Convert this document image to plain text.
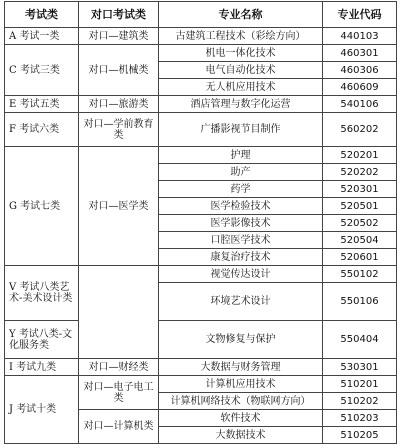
考试类	对口考试类	专业名称	专业代码
A 考试一类	对口—建筑类	古建筑工程技术（彩绘方向）	440103
C 考试三类	对口—机械类	机电一体化技术	460301
		电气自动化技术	460306
		无人机应用技术	460609
E 考试五类	对口—旅游类	酒店管理与数字化运营	540106
F 考试六类	对口—学前教育类	广播影视节目制作	560202
G 考试七类	对口—医学类	护理	520201
		助产	520202
		药学	520301
		医学检验技术	520501
		医学影像技术	520502
		口腔医学技术	520504
		康复治疗技术	520601
V 考试八类艺术-美术设计类		视觉传达设计	550102
		环境艺术设计	550106
Y 考试八类-文化服务类		文物修复与保护	550404
I 考试九类	对口—财经类	大数据与财务管理	530301
J 考试十类	对口—电子电工类	计算机应用技术	510201
		计算机网络技术（物联网方向）	510202
	对口—计算机类	软件技术	510203
		大数据技术	510205
